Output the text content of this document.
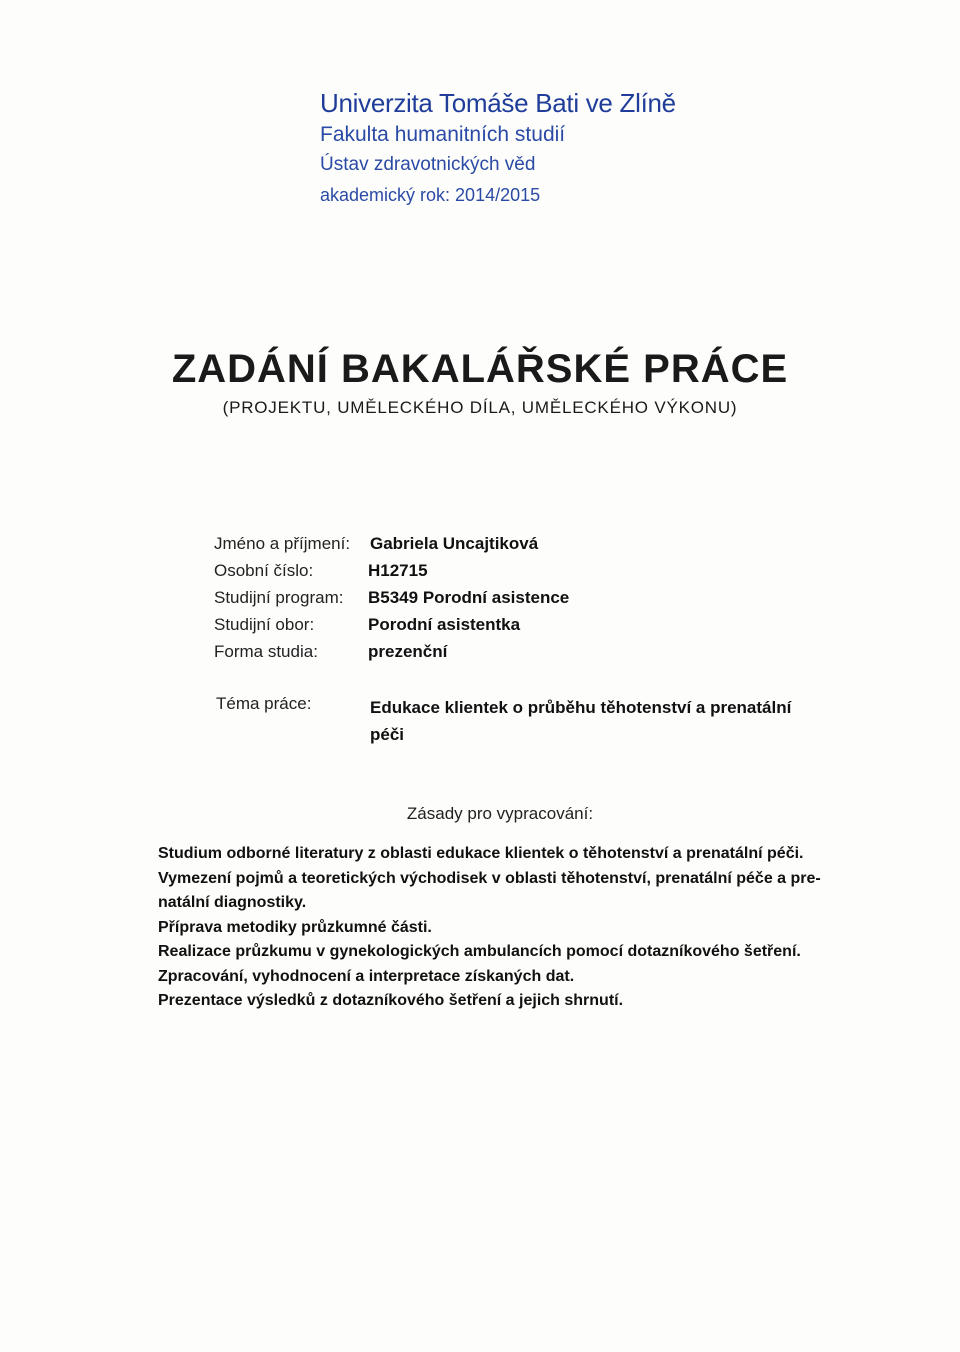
Univerzita Tomáše Bati ve Zlíně
Fakulta humanitních studií
Ústav zdravotnických věd
akademický rok: 2014/2015
ZADÁNÍ BAKALÁŘSKÉ PRÁCE
(PROJEKTU, UMĚLECKÉHO DÍLA, UMĚLECKÉHO VÝKONU)
Jméno a příjmení:	Gabriela Uncajtiková
Osobní číslo:	H12715
Studijní program:	B5349 Porodní asistence
Studijní obor:	Porodní asistentka
Forma studia:	prezenční
Téma práce:	Edukace klientek o průběhu těhotenství a prenatální péči
Zásady pro vypracování:
Studium odborné literatury z oblasti edukace klientek o těhotenství a prenatální péči.
Vymezení pojmů a teoretických východisek v oblasti těhotenství, prenatální péče a pre-
natální diagnostiky.
Příprava metodiky průzkumné části.
Realizace průzkumu v gynekologických ambulancích pomocí dotazníkového šetření.
Zpracování, vyhodnocení a interpretace získaných dat.
Prezentace výsledků z dotazníkového šetření a jejich shrnutí.
